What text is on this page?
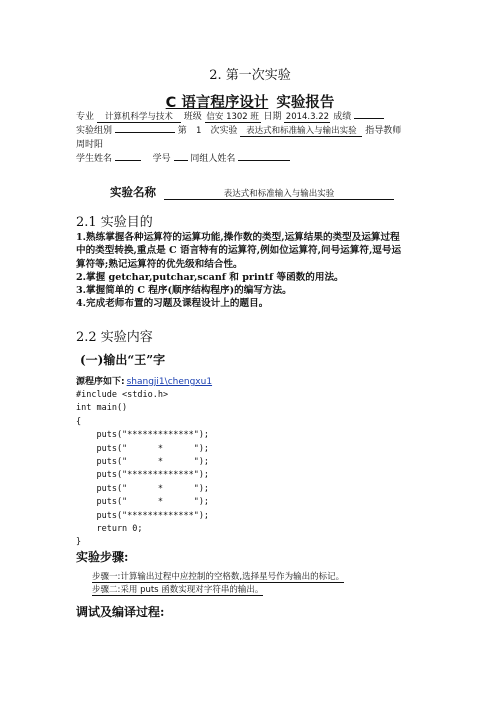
2. 第一次实验
C 语言程序设计 实验报告
专业 计算机科学与技术 班级 信安 1302 班 日期 2014.3.22 成绩
实验组别	第 1 次实验 表达式和标准输入与输出实验 指导教师
周时阳
学生姓名	学号 同组人姓名
实验名称	表达式和标准输入与输出实验
2.1 实验目的
1.熟练掌握各种运算符的运算功能,操作数的类型,运算结果的类型及运算过程
中的类型转换,重点是 C 语言特有的运算符,例如位运算符,问号运算符,逗号运
算符等;熟记运算符的优先级和结合性。
2.掌握 getchar,putchar,scanf 和 printf 等函数的用法。
3.掌握简单的 C 程序(顺序结构程序)的编写方法。
4.完成老师布置的习题及课程设计上的题目。
2.2 实验内容
(一)输出“王”字
源程序如下: shangji1\chengxu1
#include <stdio.h>
int main()
{
puts("*************");
puts("      *      ");
puts("      *      ");
puts("*************");
puts("      *      ");
puts("      *      ");
puts("*************");
return 0;
}
实验步骤:
步骤一:计算输出过程中应控制的空格数,选择星号作为输出的标记。
步骤二:采用 puts 函数实现对字符串的输出。
调试及编译过程:
